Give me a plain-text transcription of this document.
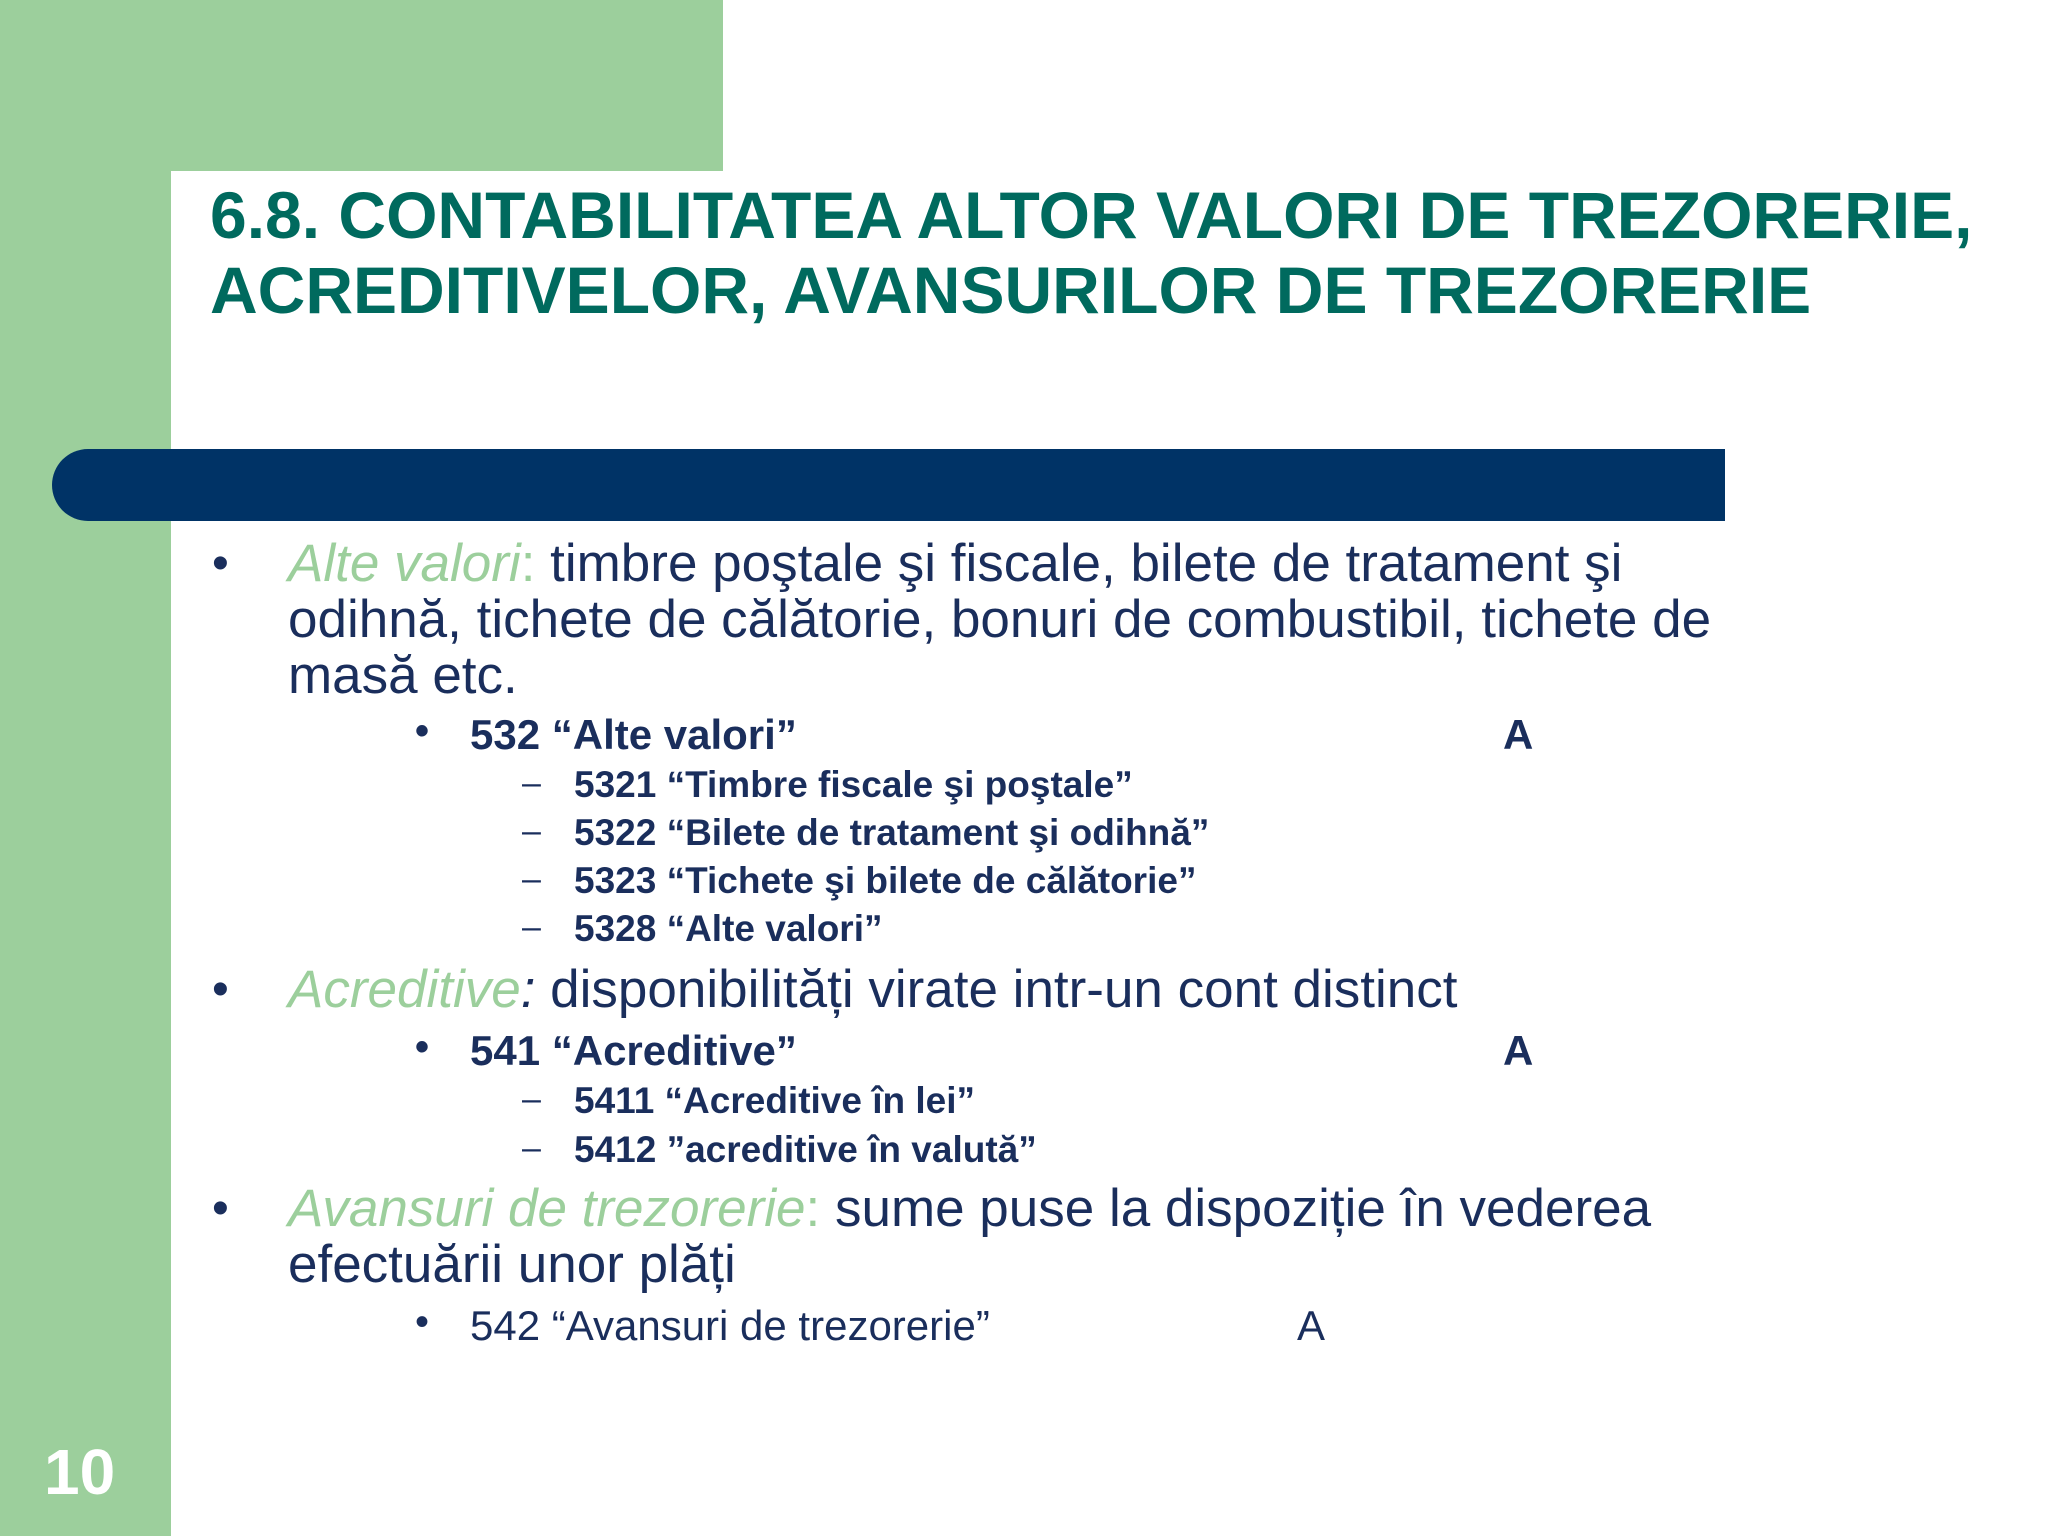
6.8. CONTABILITATEA ALTOR VALORI DE TREZORERIE, ACREDITIVELOR, AVANSURILOR DE TREZORERIE
• Alte valori: timbre poştale şi fiscale, bilete de tratament şi
odihnă, tichete de călătorie, bonuri de combustibil, tichete de
masă etc.
• 532 “Alte valori”	A
– 5321 “Timbre fiscale şi poştale”
– 5322 “Bilete de tratament şi odihnă”
– 5323 “Tichete şi bilete de călătorie”
– 5328 “Alte valori”
• Acreditive: disponibilități virate intr-un cont distinct
• 541 “Acreditive”	A
– 5411 “Acreditive în lei”
– 5412 ”acreditive în valută”
• Avansuri de trezorerie: sume puse la dispoziție în vederea
efectuării unor plăți
• 542 “Avansuri de trezorerie”	A
10
